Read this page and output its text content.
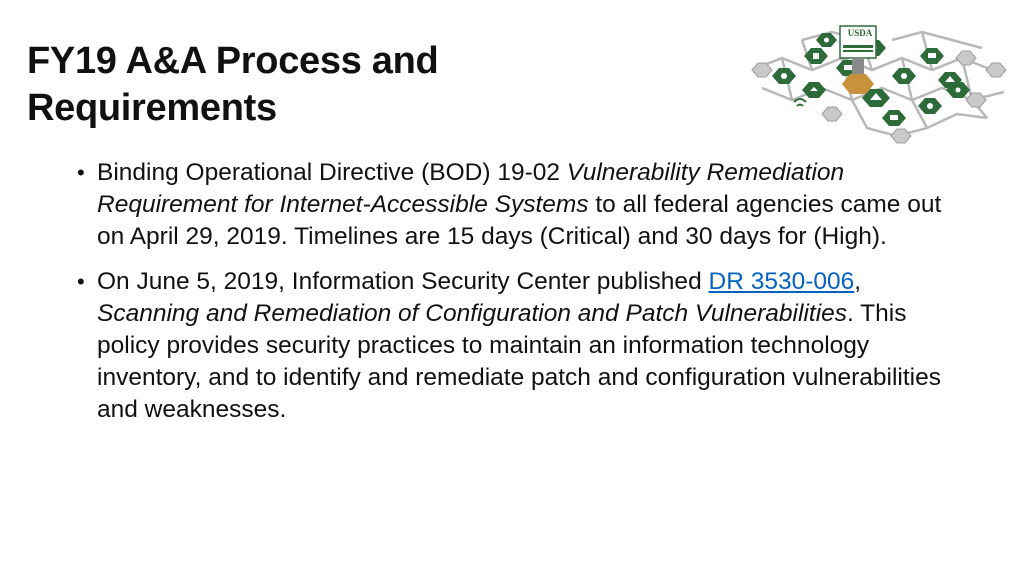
FY19 A&A Process and
Requirements
USDA
• Binding Operational Directive (BOD) 19-02 Vulnerability Remediation Requirement for Internet-Accessible Systems to all federal agencies came out on April 29, 2019. Timelines are 15 days (Critical) and 30 days for (High).
• On June 5, 2019, Information Security Center published DR 3530-006, Scanning and Remediation of Configuration and Patch Vulnerabilities. This policy provides security practices to maintain an information technology inventory, and to identify and remediate patch and configuration vulnerabilities and weaknesses.
